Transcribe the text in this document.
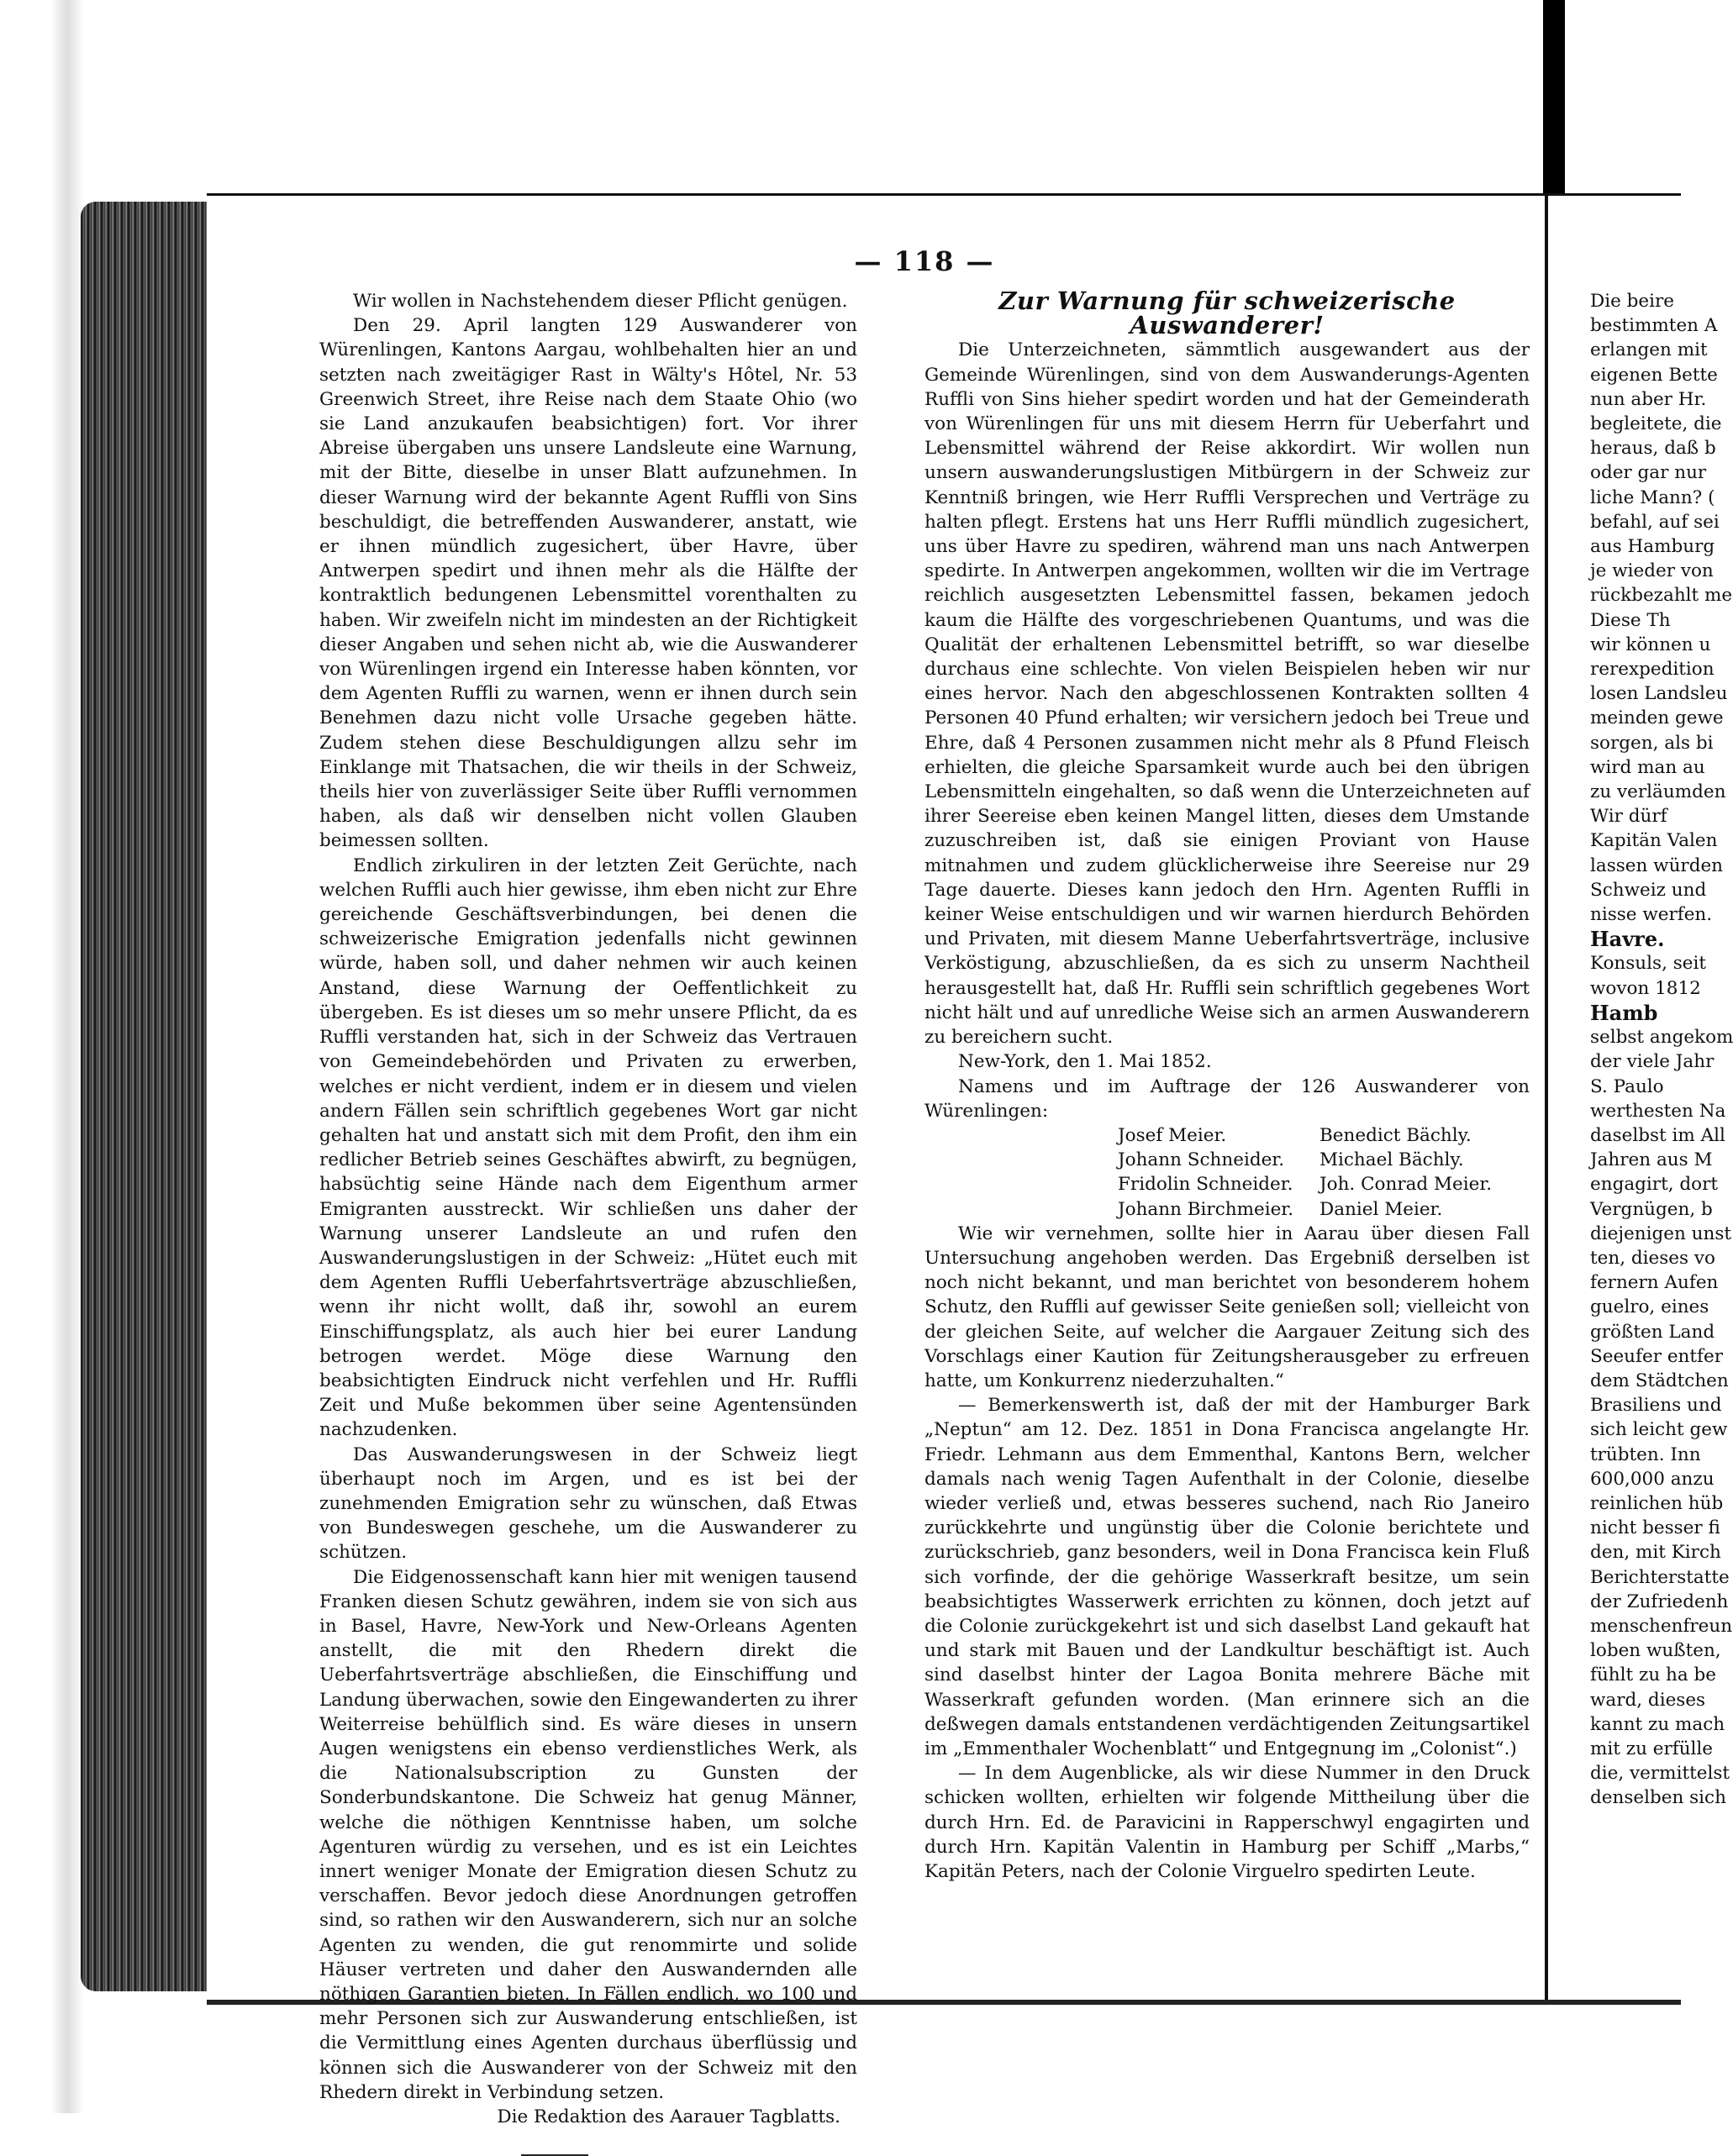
— 118 —

Wir wollen in Nachstehendem dieser Pflicht genügen.

Den 29. April langten 129 Auswanderer von Würenlingen, Kantons Aargau, wohlbehalten hier an und setzten nach zweitägiger Rast in Wälty's Hôtel, Nr. 53 Greenwich Street, ihre Reise nach dem Staate Ohio (wo sie Land anzukaufen beabsichtigen) fort. Vor ihrer Abreise übergaben uns unsere Landsleute eine Warnung, mit der Bitte, dieselbe in unser Blatt aufzunehmen. In dieser Warnung wird der bekannte Agent Ruffli von Sins beschuldigt, die betreffenden Auswanderer, anstatt, wie er ihnen mündlich zugesichert, über Havre, über Antwerpen spedirt und ihnen mehr als die Hälfte der kontraktlich bedungenen Lebensmittel vorenthalten zu haben. Wir zweifeln nicht im mindesten an der Richtigkeit dieser Angaben und sehen nicht ab, wie die Auswanderer von Würenlingen irgend ein Interesse haben könnten, vor dem Agenten Ruffli zu warnen, wenn er ihnen durch sein Benehmen dazu nicht volle Ursache gegeben hätte. Zudem stehen diese Beschuldigungen allzu sehr im Einklange mit Thatsachen, die wir theils in der Schweiz, theils hier von zuverlässiger Seite über Ruffli vernommen haben, als daß wir denselben nicht vollen Glauben beimessen sollten.

Endlich zirkuliren in der letzten Zeit Gerüchte, nach welchen Ruffli auch hier gewisse, ihm eben nicht zur Ehre gereichende Geschäftsverbindungen, bei denen die schweizerische Emigration jedenfalls nicht gewinnen würde, haben soll, und daher nehmen wir auch keinen Anstand, diese Warnung der Oeffentlichkeit zu übergeben. Es ist dieses um so mehr unsere Pflicht, da es Ruffli verstanden hat, sich in der Schweiz das Vertrauen von Gemeindebehörden und Privaten zu erwerben, welches er nicht verdient, indem er in diesem und vielen andern Fällen sein schriftlich gegebenes Wort gar nicht gehalten hat und anstatt sich mit dem Profit, den ihm ein redlicher Betrieb seines Geschäftes abwirft, zu begnügen, habsüchtig seine Hände nach dem Eigenthum armer Emigranten ausstreckt. Wir schließen uns daher der Warnung unserer Landsleute an und rufen den Auswanderungslustigen in der Schweiz: „Hütet euch mit dem Agenten Ruffli Ueberfahrtsverträge abzuschließen, wenn ihr nicht wollt, daß ihr, sowohl an eurem Einschiffungsplatz, als auch hier bei eurer Landung betrogen werdet. Möge diese Warnung den beabsichtigten Eindruck nicht verfehlen und Hr. Ruffli Zeit und Muße bekommen über seine Agentensünden nachzudenken.

Das Auswanderungswesen in der Schweiz liegt überhaupt noch im Argen, und es ist bei der zunehmenden Emigration sehr zu wünschen, daß Etwas von Bundeswegen geschehe, um die Auswanderer zu schützen.

Die Eidgenossenschaft kann hier mit wenigen tausend Franken diesen Schutz gewähren, indem sie von sich aus in Basel, Havre, New-York und New-Orleans Agenten anstellt, die mit den Rhedern direkt die Ueberfahrtsverträge abschließen, die Einschiffung und Landung überwachen, sowie den Eingewanderten zu ihrer Weiterreise behülflich sind. Es wäre dieses in unsern Augen wenigstens ein ebenso verdienstliches Werk, als die Nationalsubscription zu Gunsten der Sonderbundskantone. Die Schweiz hat genug Männer, welche die nöthigen Kenntnisse haben, um solche Agenturen würdig zu versehen, und es ist ein Leichtes innert weniger Monate der Emigration diesen Schutz zu verschaffen. Bevor jedoch diese Anordnungen getroffen sind, so rathen wir den Auswanderern, sich nur an solche Agenten zu wenden, die gut renommirte und solide Häuser vertreten und daher den Auswandernden alle nöthigen Garantien bieten. In Fällen endlich, wo 100 und mehr Personen sich zur Auswanderung entschließen, ist die Vermittlung eines Agenten durchaus überflüssig und können sich die Auswanderer von der Schweiz mit den Rhedern direkt in Verbindung setzen.

Die Redaktion des Aarauer Tagblatts.

Zur Warnung für schweizerische Auswanderer!

Die Unterzeichneten, sämmtlich ausgewandert aus der Gemeinde Würenlingen, sind von dem Auswanderungs-Agenten Ruffli von Sins hieher spedirt worden und hat der Gemeinderath von Würenlingen für uns mit diesem Herrn für Ueberfahrt und Lebensmittel während der Reise akkordirt. Wir wollen nun unsern auswanderungslustigen Mitbürgern in der Schweiz zur Kenntniß bringen, wie Herr Ruffli Versprechen und Verträge zu halten pflegt. Erstens hat uns Herr Ruffli mündlich zugesichert, uns über Havre zu spediren, während man uns nach Antwerpen spedirte. In Antwerpen angekommen, wollten wir die im Vertrage reichlich ausgesetzten Lebensmittel fassen, bekamen jedoch kaum die Hälfte des vorgeschriebenen Quantums, und was die Qualität der erhaltenen Lebensmittel betrifft, so war dieselbe durchaus eine schlechte. Von vielen Beispielen heben wir nur eines hervor. Nach den abgeschlossenen Kontrakten sollten 4 Personen 40 Pfund erhalten; wir versichern jedoch bei Treue und Ehre, daß 4 Personen zusammen nicht mehr als 8 Pfund Fleisch erhielten, die gleiche Sparsamkeit wurde auch bei den übrigen Lebensmitteln eingehalten, so daß wenn die Unterzeichneten auf ihrer Seereise eben keinen Mangel litten, dieses dem Umstande zuzuschreiben ist, daß sie einigen Proviant von Hause mitnahmen und zudem glücklicherweise ihre Seereise nur 29 Tage dauerte. Dieses kann jedoch den Hrn. Agenten Ruffli in keiner Weise entschuldigen und wir warnen hierdurch Behörden und Privaten, mit diesem Manne Ueberfahrtsverträge, inclusive Verköstigung, abzuschließen, da es sich zu unserm Nachtheil herausgestellt hat, daß Hr. Ruffli sein schriftlich gegebenes Wort nicht hält und auf unredliche Weise sich an armen Auswanderern zu bereichern sucht.

New-York, den 1. Mai 1852.

Namens und im Auftrage der 126 Auswanderer von Würenlingen:

Josef Meier.	Benedict Bächly.
Johann Schneider.	Michael Bächly.
Fridolin Schneider.	Joh. Conrad Meier.
Johann Birchmeier.	Daniel Meier.

Wie wir vernehmen, sollte hier in Aarau über diesen Fall Untersuchung angehoben werden. Das Ergebniß derselben ist noch nicht bekannt, und man berichtet von besonderem hohem Schutz, den Ruffli auf gewisser Seite genießen soll; vielleicht von der gleichen Seite, auf welcher die Aargauer Zeitung sich des Vorschlags einer Kaution für Zeitungsherausgeber zu erfreuen hatte, um Konkurrenz niederzuhalten.“

— Bemerkenswerth ist, daß der mit der Hamburger Bark „Neptun“ am 12. Dez. 1851 in Dona Francisca angelangte Hr. Friedr. Lehmann aus dem Emmenthal, Kantons Bern, welcher damals nach wenig Tagen Aufenthalt in der Colonie, dieselbe wieder verließ und, etwas besseres suchend, nach Rio Janeiro zurückkehrte und ungünstig über die Colonie berichtete und zurückschrieb, ganz besonders, weil in Dona Francisca kein Fluß sich vorfinde, der die gehörige Wasserkraft besitze, um sein beabsichtigtes Wasserwerk errichten zu können, doch jetzt auf die Colonie zurückgekehrt ist und sich daselbst Land gekauft hat und stark mit Bauen und der Landkultur beschäftigt ist. Auch sind daselbst hinter der Lagoa Bonita mehrere Bäche mit Wasserkraft gefunden worden. (Man erinnere sich an die deßwegen damals entstandenen verdächtigenden Zeitungsartikel im „Emmenthaler Wochenblatt“ und Entgegnung im „Colonist“.)

— In dem Augenblicke, als wir diese Nummer in den Druck schicken wollten, erhielten wir folgende Mittheilung über die durch Hrn. Ed. de Paravicini in Rapperschwyl engagirten und durch Hrn. Kapitän Valentin in Hamburg per Schiff „Marbs,“ Kapitän Peters, nach der Colonie Virguelro spedirten Leute.

Die beire
bestimmten A
erlangen mit
eigenen Bette
nun aber Hr.
begleitete, die
heraus, daß b
oder gar nur
liche Mann? (
befahl, auf sei
aus Hamburg
je wieder von
rückbezahlt me
Diese Th
wir können u
rerexpedition
losen Landsleu
meinden gewe
sorgen, als bi
wird man au
zu verläumden
Wir dürf
Kapitän Valen
lassen würden
Schweiz und
nisse werfen.
Havre.
Konsuls, seit
wovon 1812
Hamb
selbst angekom
der viele Jahr
S. Paulo
werthesten Na
daselbst im All
Jahren aus M
engagirt, dort
Vergnügen, b
diejenigen unst
ten, dieses vo
fernern Aufen
guelro, eines
größten Land
Seeufer entfer
dem Städtchen
Brasiliens und
sich leicht gew
trübten. Inn
600,000 anzu
reinlichen hüb
nicht besser fi
den, mit Kirch
Berichterstatte
der Zufriedenh
menschenfreun
loben wußten,
fühlt zu ha be
ward, dieses
kannt zu mach
mit zu erfülle
die, vermittelst
denselben sich
